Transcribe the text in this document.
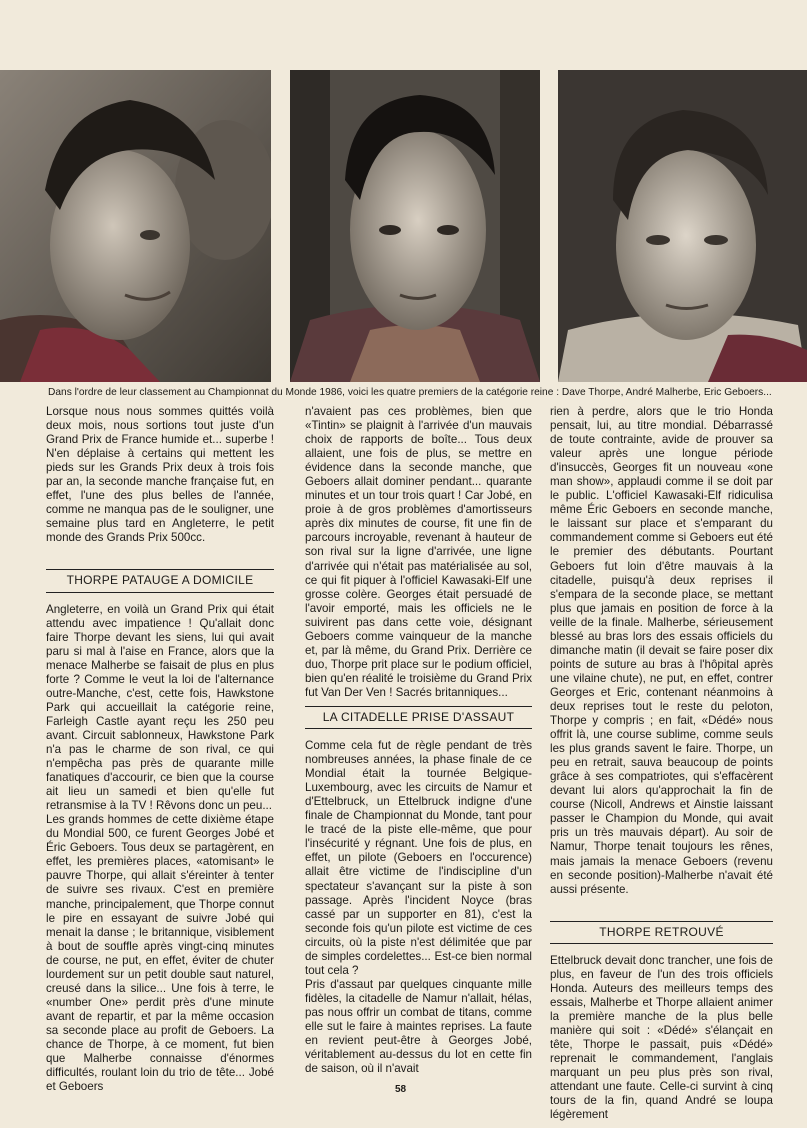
Dans l'ordre de leur classement au Championnat du Monde 1986, voici les quatre premiers de la catégorie reine : Dave Thorpe, André Malherbe, Eric Geboers...

Lorsque nous nous sommes quittés voilà deux mois, nous sortions tout juste d'un Grand Prix de France humide et... superbe ! N'en déplaise à certains qui mettent les pieds sur les Grands Prix deux à trois fois par an, la seconde manche française fut, en effet, l'une des plus belles de l'année, comme ne manqua pas de le souligner, une semaine plus tard en Angleterre, le petit monde des Grands Prix 500cc.

THORPE PATAUGE A DOMICILE

Angleterre, en voilà un Grand Prix qui était attendu avec impatience ! Qu'allait donc faire Thorpe devant les siens, lui qui avait paru si mal à l'aise en France, alors que la menace Malherbe se faisait de plus en plus forte ? Comme le veut la loi de l'alternance outre-Manche, c'est, cette fois, Hawkstone Park qui accueillait la catégorie reine, Farleigh Castle ayant reçu les 250 peu avant. Circuit sablonneux, Hawkstone Park n'a pas le charme de son rival, ce qui n'empêcha pas près de quarante mille fanatiques d'accourir, ce bien que la course ait lieu un samedi et bien qu'elle fut retransmise à la TV ! Rêvons donc un peu...

Les grands hommes de cette dixième étape du Mondial 500, ce furent Georges Jobé et Éric Geboers. Tous deux se partagèrent, en effet, les premières places, «atomisant» le pauvre Thorpe, qui allait s'éreinter à tenter de suivre ses rivaux. C'est en première manche, principalement, que Thorpe connut le pire en essayant de suivre Jobé qui menait la danse ; le britannique, visiblement à bout de souffle après vingt-cinq minutes de course, ne put, en effet, éviter de chuter lourdement sur un petit double saut naturel, creusé dans la silice... Une fois à terre, le «number One» perdit près d'une minute avant de repartir, et par la même occasion sa seconde place au profit de Geboers. La chance de Thorpe, à ce moment, fut bien que Malherbe connaisse d'énormes difficultés, roulant loin du trio de tête... Jobé et Geboers

n'avaient pas ces problèmes, bien que «Tintin» se plaignit à l'arrivée d'un mauvais choix de rapports de boîte... Tous deux allaient, une fois de plus, se mettre en évidence dans la seconde manche, que Geboers allait dominer pendant... quarante minutes et un tour trois quart ! Car Jobé, en proie à de gros problèmes d'amortisseurs après dix minutes de course, fit une fin de parcours incroyable, revenant à hauteur de son rival sur la ligne d'arrivée, une ligne d'arrivée qui n'était pas matérialisée au sol, ce qui fit piquer à l'officiel Kawasaki-Elf une grosse colère. Georges était persuadé de l'avoir emporté, mais les officiels ne le suivirent pas dans cette voie, désignant Geboers comme vainqueur de la manche et, par là même, du Grand Prix. Derrière ce duo, Thorpe prit place sur le podium officiel, bien qu'en réalité le troisième du Grand Prix fut Van Der Ven ! Sacrés britanniques...

LA CITADELLE PRISE D'ASSAUT

Comme cela fut de règle pendant de très nombreuses années, la phase finale de ce Mondial était la tournée Belgique-Luxembourg, avec les circuits de Namur et d'Ettelbruck, un Ettelbruck indigne d'une finale de Championnat du Monde, tant pour le tracé de la piste elle-même, que pour l'insécurité y régnant. Une fois de plus, en effet, un pilote (Geboers en l'occurence) allait être victime de l'indiscipline d'un spectateur s'avançant sur la piste à son passage. Après l'incident Noyce (bras cassé par un supporter en 81), c'est la seconde fois qu'un pilote est victime de ces circuits, où la piste n'est délimitée que par de simples cordelettes... Est-ce bien normal tout cela ?

Pris d'assaut par quelques cinquante mille fidèles, la citadelle de Namur n'allait, hélas, pas nous offrir un combat de titans, comme elle sut le faire à maintes reprises. La faute en revient peut-être à Georges Jobé, véritablement au-dessus du lot en cette fin de saison, où il n'avait

rien à perdre, alors que le trio Honda pensait, lui, au titre mondial. Débarrassé de toute contrainte, avide de prouver sa valeur après une longue période d'insuccès, Georges fit un nouveau «one man show», applaudi comme il se doit par le public. L'officiel Kawasaki-Elf ridiculisa même Éric Geboers en seconde manche, le laissant sur place et s'emparant du commandement comme si Geboers eut été le premier des débutants. Pourtant Geboers fut loin d'être mauvais à la citadelle, puisqu'à deux reprises il s'empara de la seconde place, se mettant plus que jamais en position de force à la veille de la finale. Malherbe, sérieusement blessé au bras lors des essais officiels du dimanche matin (il devait se faire poser dix points de suture au bras à l'hôpital après une vilaine chute), ne put, en effet, contrer Georges et Eric, contenant néanmoins à deux reprises tout le reste du peloton, Thorpe y compris ; en fait, «Dédé» nous offrit là, une course sublime, comme seuls les plus grands savent le faire. Thorpe, un peu en retrait, sauva beaucoup de points grâce à ses compatriotes, qui s'effacèrent devant lui alors qu'approchait la fin de course (Nicoll, Andrews et Ainstie laissant passer le Champion du Monde, qui avait pris un très mauvais départ). Au soir de Namur, Thorpe tenait toujours les rênes, mais jamais la menace Geboers (revenu en seconde position)-Malherbe n'avait été aussi présente.

THORPE RETROUVÉ

Ettelbruck devait donc trancher, une fois de plus, en faveur de l'un des trois officiels Honda. Auteurs des meilleurs temps des essais, Malherbe et Thorpe allaient animer la première manche de la plus belle manière qui soit : «Dédé» s'élançait en tête, Thorpe le passait, puis «Dédé» reprenait le commandement, l'anglais marquant un peu plus près son rival, attendant une faute. Celle-ci survint à cinq tours de la fin, quand André se loupa légèrement

58
